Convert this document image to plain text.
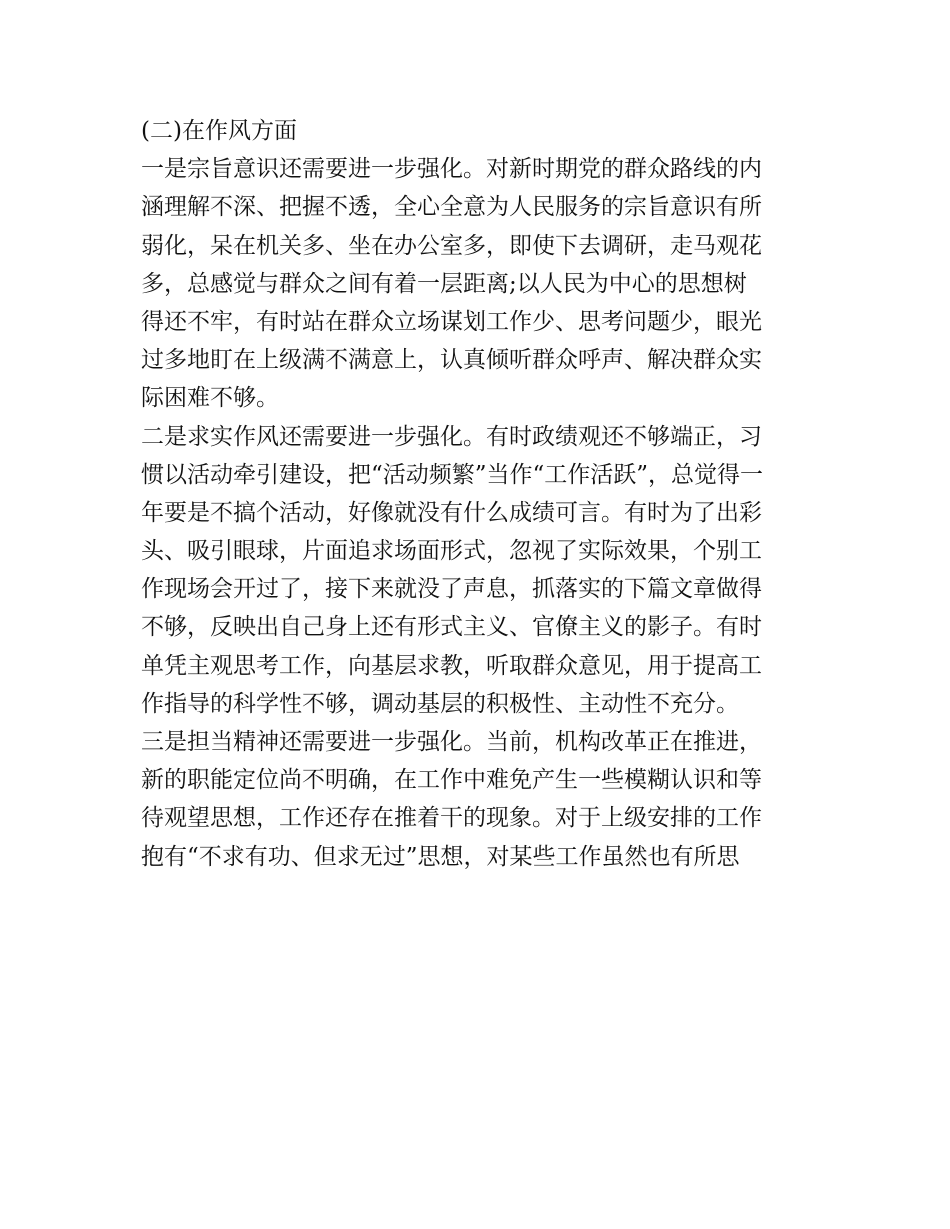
(二)在作风方面
一是宗旨意识还需要进一步强化。对新时期党的群众路线的内
涵理解不深、把握不透，全心全意为人民服务的宗旨意识有所
弱化，呆在机关多、坐在办公室多，即使下去调研，走马观花
多，总感觉与群众之间有着一层距离;以人民为中心的思想树
得还不牢，有时站在群众立场谋划工作少、思考问题少，眼光
过多地盯在上级满不满意上，认真倾听群众呼声、解决群众实
际困难不够。
二是求实作风还需要进一步强化。有时政绩观还不够端正，习
惯以活动牵引建设，把“活动频繁”当作“工作活跃”，总觉得一
年要是不搞个活动，好像就没有什么成绩可言。有时为了出彩
头、吸引眼球，片面追求场面形式，忽视了实际效果，个别工
作现场会开过了，接下来就没了声息，抓落实的下篇文章做得
不够，反映出自己身上还有形式主义、官僚主义的影子。有时
单凭主观思考工作，向基层求教，听取群众意见，用于提高工
作指导的科学性不够，调动基层的积极性、主动性不充分。
三是担当精神还需要进一步强化。当前，机构改革正在推进，
新的职能定位尚不明确，在工作中难免产生一些模糊认识和等
待观望思想，工作还存在推着干的现象。对于上级安排的工作
抱有“不求有功、但求无过”思想，对某些工作虽然也有所思
